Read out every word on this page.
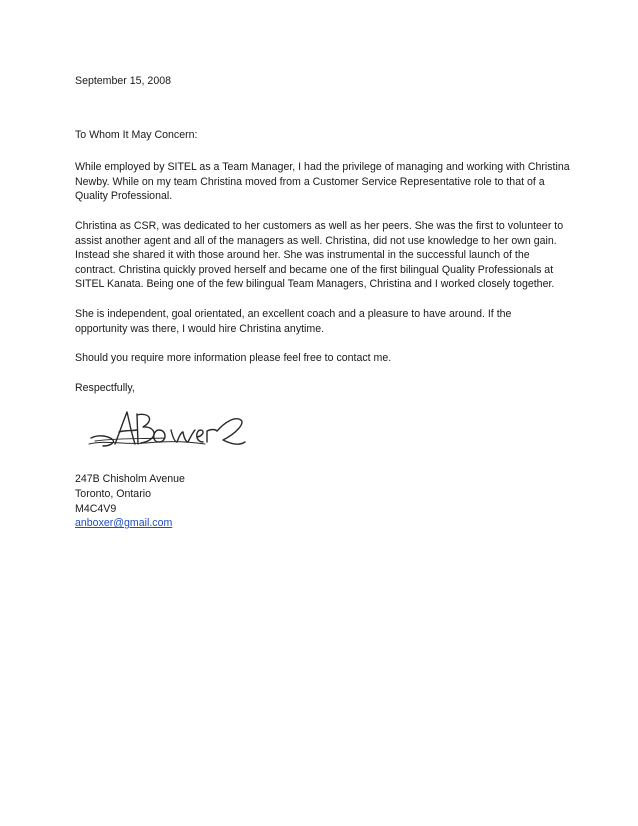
September 15, 2008
To Whom It May Concern:
While employed by SITEL as a Team Manager, I had the privilege of managing and working with Christina
Newby. While on my team Christina moved from a Customer Service Representative role to that of a
Quality Professional.
Christina as CSR, was dedicated to her customers as well as her peers. She was the first to volunteer to
assist another agent and all of the managers as well. Christina, did not use knowledge to her own gain.
Instead she shared it with those around her. She was instrumental in the successful launch of the
contract. Christina quickly proved herself and became one of the first bilingual Quality Professionals at
SITEL Kanata. Being one of the few bilingual Team Managers, Christina and I worked closely together.
She is independent, goal orientated, an excellent coach and a pleasure to have around. If the
opportunity was there, I would hire Christina anytime.
Should you require more information please feel free to contact me.
Respectfully,
247B Chisholm Avenue
Toronto, Ontario
M4C4V9
anboxer@gmail.com
